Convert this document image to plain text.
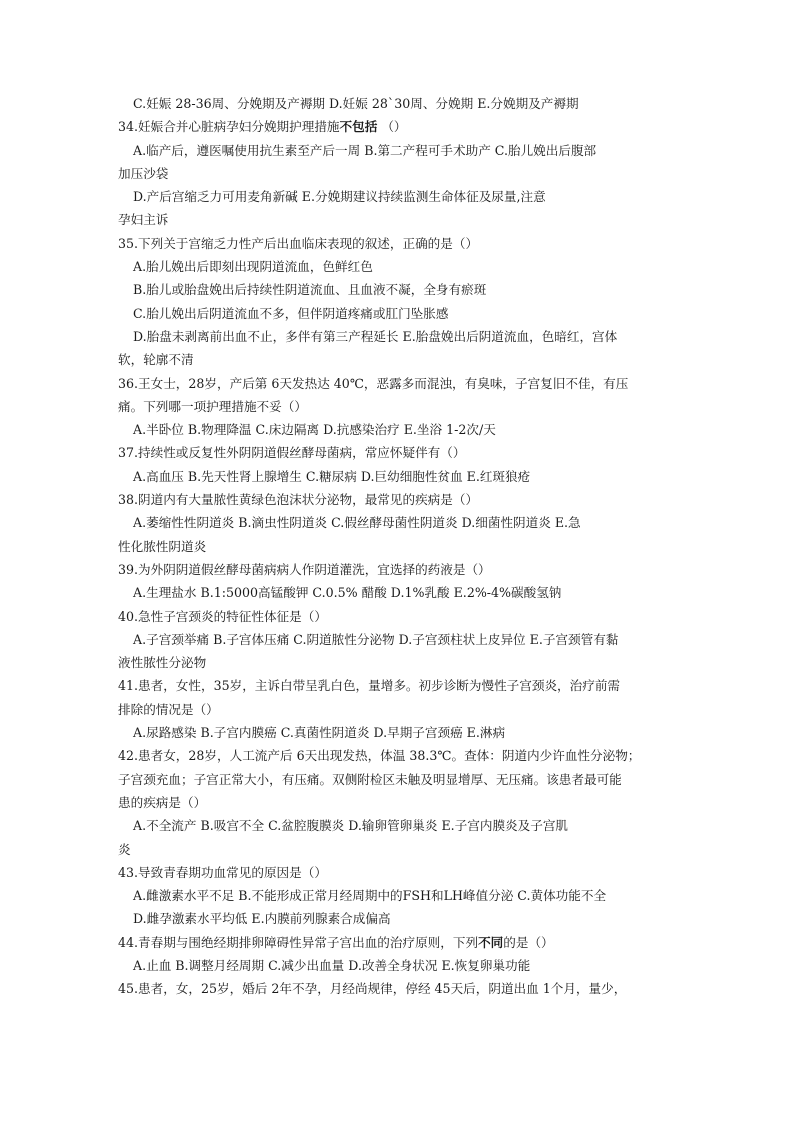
C.妊娠 28-36周、分娩期及产褥期 D.妊娠 28`30周、分娩期 E.分娩期及产褥期
34.妊娠合并心脏病孕妇分娩期护理措施不包括 （）
A.临产后，遵医嘱使用抗生素至产后一周 B.第二产程可手术助产 C.胎儿娩出后腹部
加压沙袋
D.产后宫缩乏力可用麦角新碱 E.分娩期建议持续监测生命体征及尿量,注意
孕妇主诉
35.下列关于宫缩乏力性产后出血临床表现的叙述，正确的是（）
A.胎儿娩出后即刻出现阴道流血，色鲜红色
B.胎儿或胎盘娩出后持续性阴道流血、且血液不凝，全身有瘀斑
C.胎儿娩出后阴道流血不多，但伴阴道疼痛或肛门坠胀感
D.胎盘未剥离前出血不止，多伴有第三产程延长 E.胎盘娩出后阴道流血，色暗红，宫体
软，轮廓不清
36.王女士，28岁，产后第 6天发热达 40℃，恶露多而混浊，有臭味，子宫复旧不佳，有压
痛。下列哪一项护理措施不妥（）
A.半卧位 B.物理降温 C.床边隔离 D.抗感染治疗 E.坐浴 1-2次/天
37.持续性或反复性外阴阴道假丝酵母菌病，常应怀疑伴有（）
A.高血压 B.先天性肾上腺增生 C.糖尿病 D.巨幼细胞性贫血 E.红斑狼疮
38.阴道内有大量脓性黄绿色泡沫状分泌物，最常见的疾病是（）
A.萎缩性性阴道炎 B.滴虫性阴道炎 C.假丝酵母菌性阴道炎 D.细菌性阴道炎 E.急
性化脓性阴道炎
39.为外阴阴道假丝酵母菌病病人作阴道灌洗，宜选择的药液是（）
A.生理盐水 B.1:5000高锰酸钾 C.0.5% 醋酸 D.1%乳酸 E.2%-4%碳酸氢钠
40.急性子宫颈炎的特征性体征是（）
A.子宫颈举痛 B.子宫体压痛 C.阴道脓性分泌物 D.子宫颈柱状上皮异位 E.子宫颈管有黏
液性脓性分泌物
41.患者，女性，35岁，主诉白带呈乳白色，量增多。初步诊断为慢性子宫颈炎，治疗前需
排除的情况是（）
A.尿路感染 B.子宫内膜癌 C.真菌性阴道炎 D.早期子宫颈癌 E.淋病
42.患者女，28岁，人工流产后 6天出现发热，体温 38.3℃。查体：阴道内少许血性分泌物；
子宫颈充血；子宫正常大小，有压痛。双侧附检区未触及明显增厚、无压痛。该患者最可能
患的疾病是（）
A.不全流产 B.吸宫不全 C.盆腔腹膜炎 D.输卵管卵巢炎 E.子宫内膜炎及子宫肌
炎
43.导致青春期功血常见的原因是（）
A.雌激素水平不足 B.不能形成正常月经周期中的FSH和LH峰值分泌 C.黄体功能不全
D.雌孕激素水平均低 E.内膜前列腺素合成偏高
44.青春期与围绝经期排卵障碍性异常子宫出血的治疗原则，下列不同的是（）
A.止血 B.调整月经周期 C.减少出血量 D.改善全身状况 E.恢复卵巢功能
45.患者，女，25岁，婚后 2年不孕，月经尚规律，停经 45天后，阴道出血 1个月，量少，
